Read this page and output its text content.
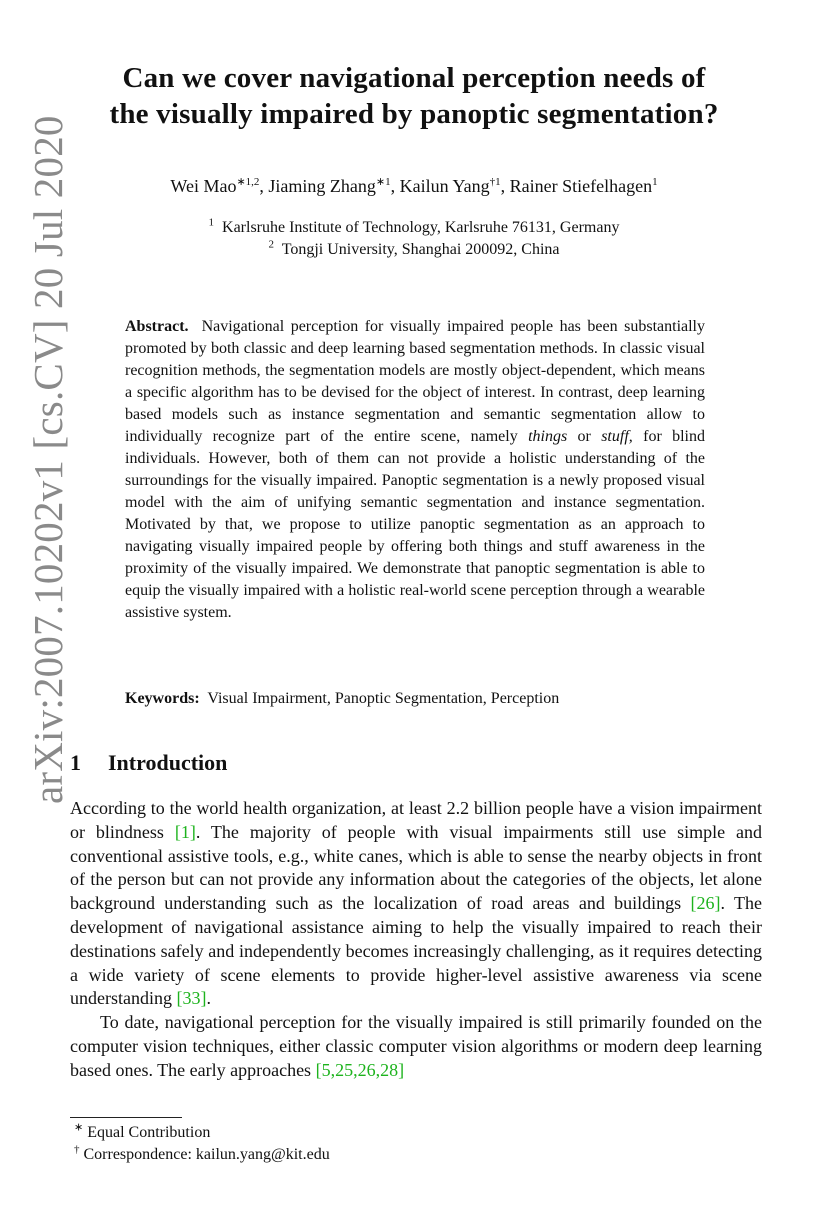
arXiv:2007.10202v1 [cs.CV] 20 Jul 2020
Can we cover navigational perception needs of
the visually impaired by panoptic segmentation?
Wei Mao$^{∗1,2}$, Jiaming Zhang$^{∗1}$, Kailun Yang$^{\dagger 1}$, Rainer Stiefelhagen$^1$
$^1$ Karlsruhe Institute of Technology, Karlsruhe 76131, Germany
$^2$ Tongji University, Shanghai 200092, China

Abstract. Navigational perception for visually impaired people has been substantially promoted by both classic and deep learning based segmentation methods. In classic visual recognition methods, the segmentation models are mostly object-dependent, which means a specific algorithm has to be devised for the object of interest. In contrast, deep learning based models such as instance segmentation and semantic segmentation allow to individually recognize part of the entire scene, namely things or stuff, for blind individuals. However, both of them can not provide a holistic understanding of the surroundings for the visually impaired. Panoptic segmentation is a newly proposed visual model with the aim of unifying semantic segmentation and instance segmentation. Motivated by that, we propose to utilize panoptic segmentation as an approach to navigating visually impaired people by offering both things and stuff awareness in the proximity of the visually impaired. We demonstrate that panoptic segmentation is able to equip the visually impaired with a holistic real-world scene perception through a wearable assistive system.

Keywords: Visual Impairment, Panoptic Segmentation, Perception

1 Introduction

According to the world health organization, at least 2.2 billion people have a vision impairment or blindness [1]. The majority of people with visual impairments still use simple and conventional assistive tools, e.g., white canes, which is able to sense the nearby objects in front of the person but can not provide any information about the categories of the objects, let alone background understanding such as the localization of road areas and buildings [26]. The development of navigational assistance aiming to help the visually impaired to reach their destinations safely and independently becomes increasingly challenging, as it requires detecting a wide variety of scene elements to provide higher-level assistive awareness via scene understanding [33].

To date, navigational perception for the visually impaired is still primarily founded on the computer vision techniques, either classic computer vision algorithms or modern deep learning based ones. The early approaches [5,25,26,28]

∗ Equal Contribution
† Correspondence: kailun.yang@kit.edu
